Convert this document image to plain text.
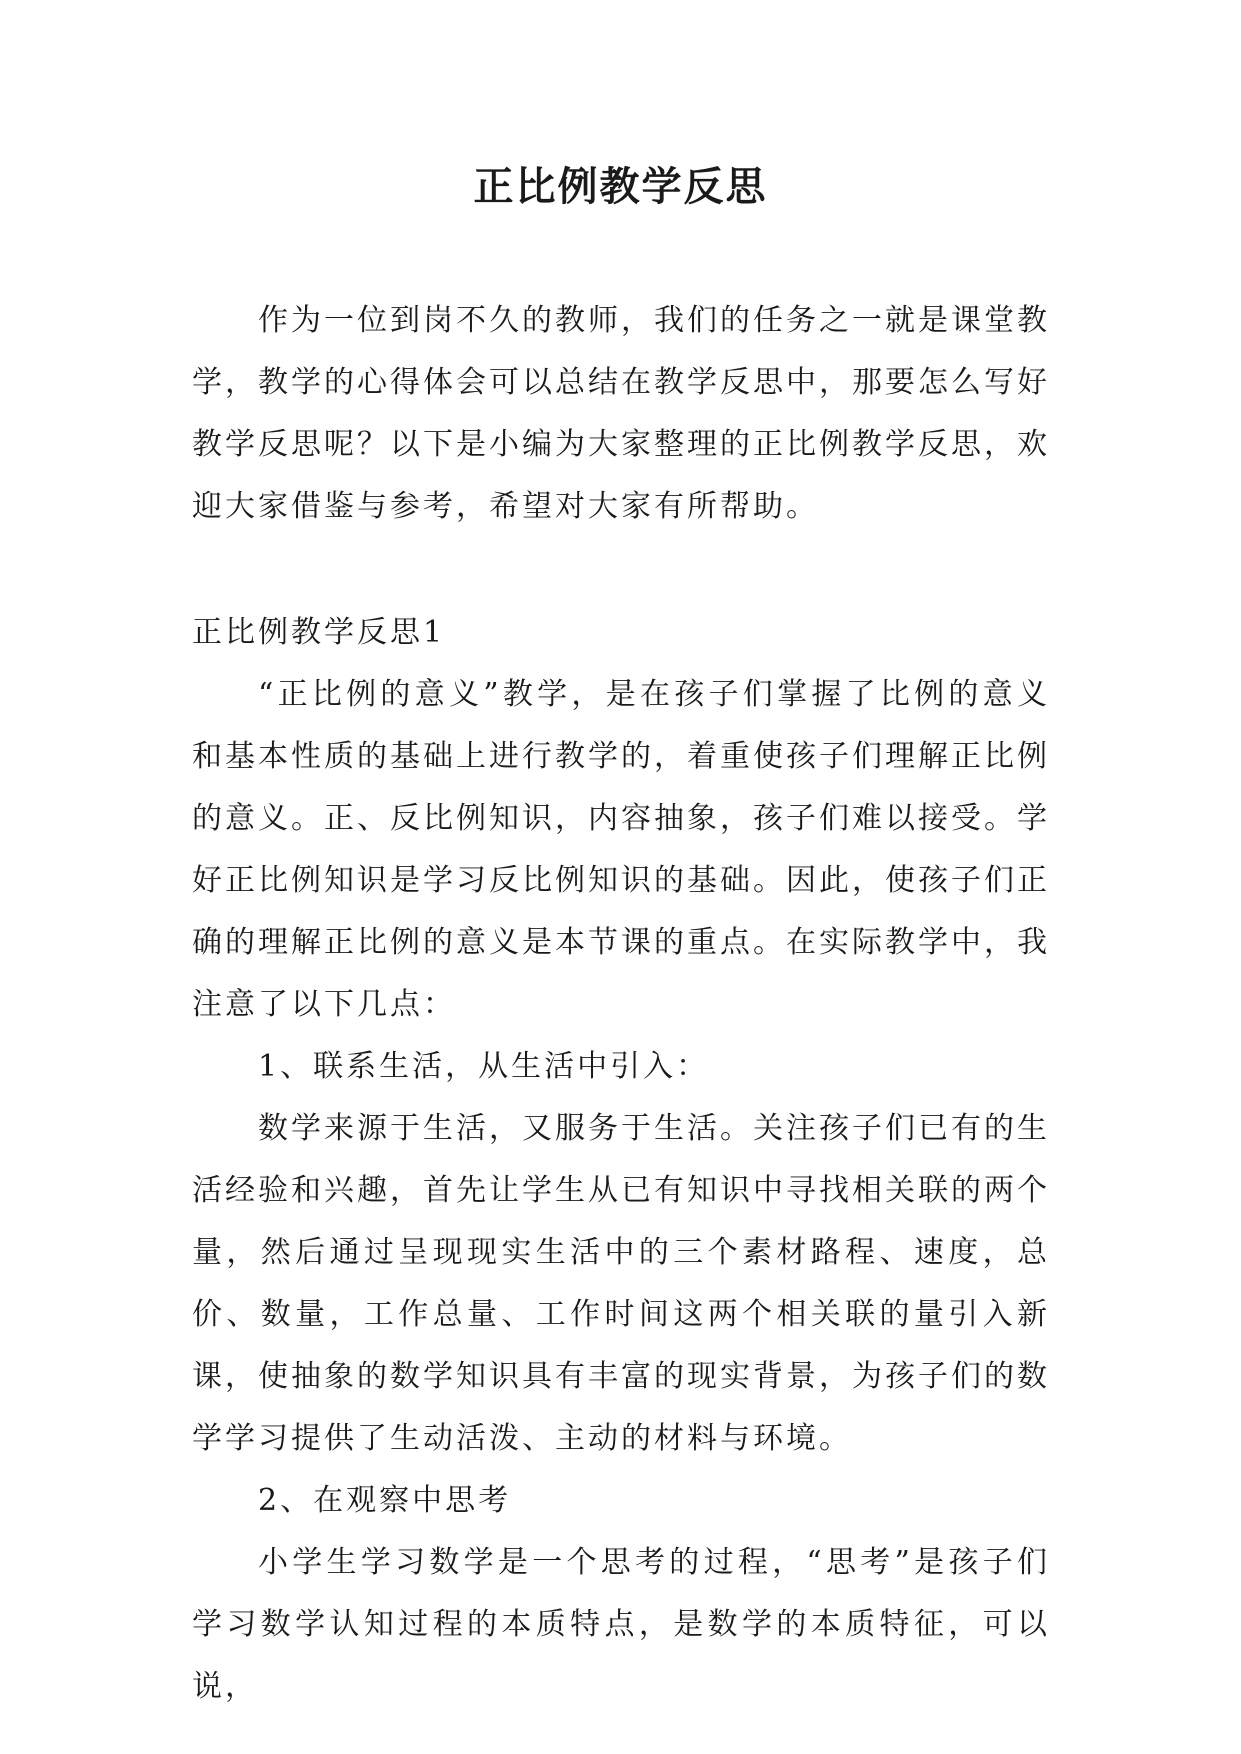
正比例教学反思

作为一位到岗不久的教师，我们的任务之一就是课堂教学，教学的心得体会可以总结在教学反思中，那要怎么写好教学反思呢？以下是小编为大家整理的正比例教学反思，欢迎大家借鉴与参考，希望对大家有所帮助。

正比例教学反思1

“正比例的意义”教学，是在孩子们掌握了比例的意义和基本性质的基础上进行教学的，着重使孩子们理解正比例的意义。正、反比例知识，内容抽象，孩子们难以接受。学好正比例知识是学习反比例知识的基础。因此，使孩子们正确的理解正比例的意义是本节课的重点。在实际教学中，我注意了以下几点：

1、联系生活，从生活中引入：

数学来源于生活，又服务于生活。关注孩子们已有的生活经验和兴趣，首先让学生从已有知识中寻找相关联的两个量，然后通过呈现现实生活中的三个素材路程、速度，总价、数量，工作总量、工作时间这两个相关联的量引入新课，使抽象的数学知识具有丰富的现实背景，为孩子们的数学学习提供了生动活泼、主动的材料与环境。

2、在观察中思考

小学生学习数学是一个思考的过程，“思考”是孩子们学习数学认知过程的本质特点，是数学的本质特征，可以说，
